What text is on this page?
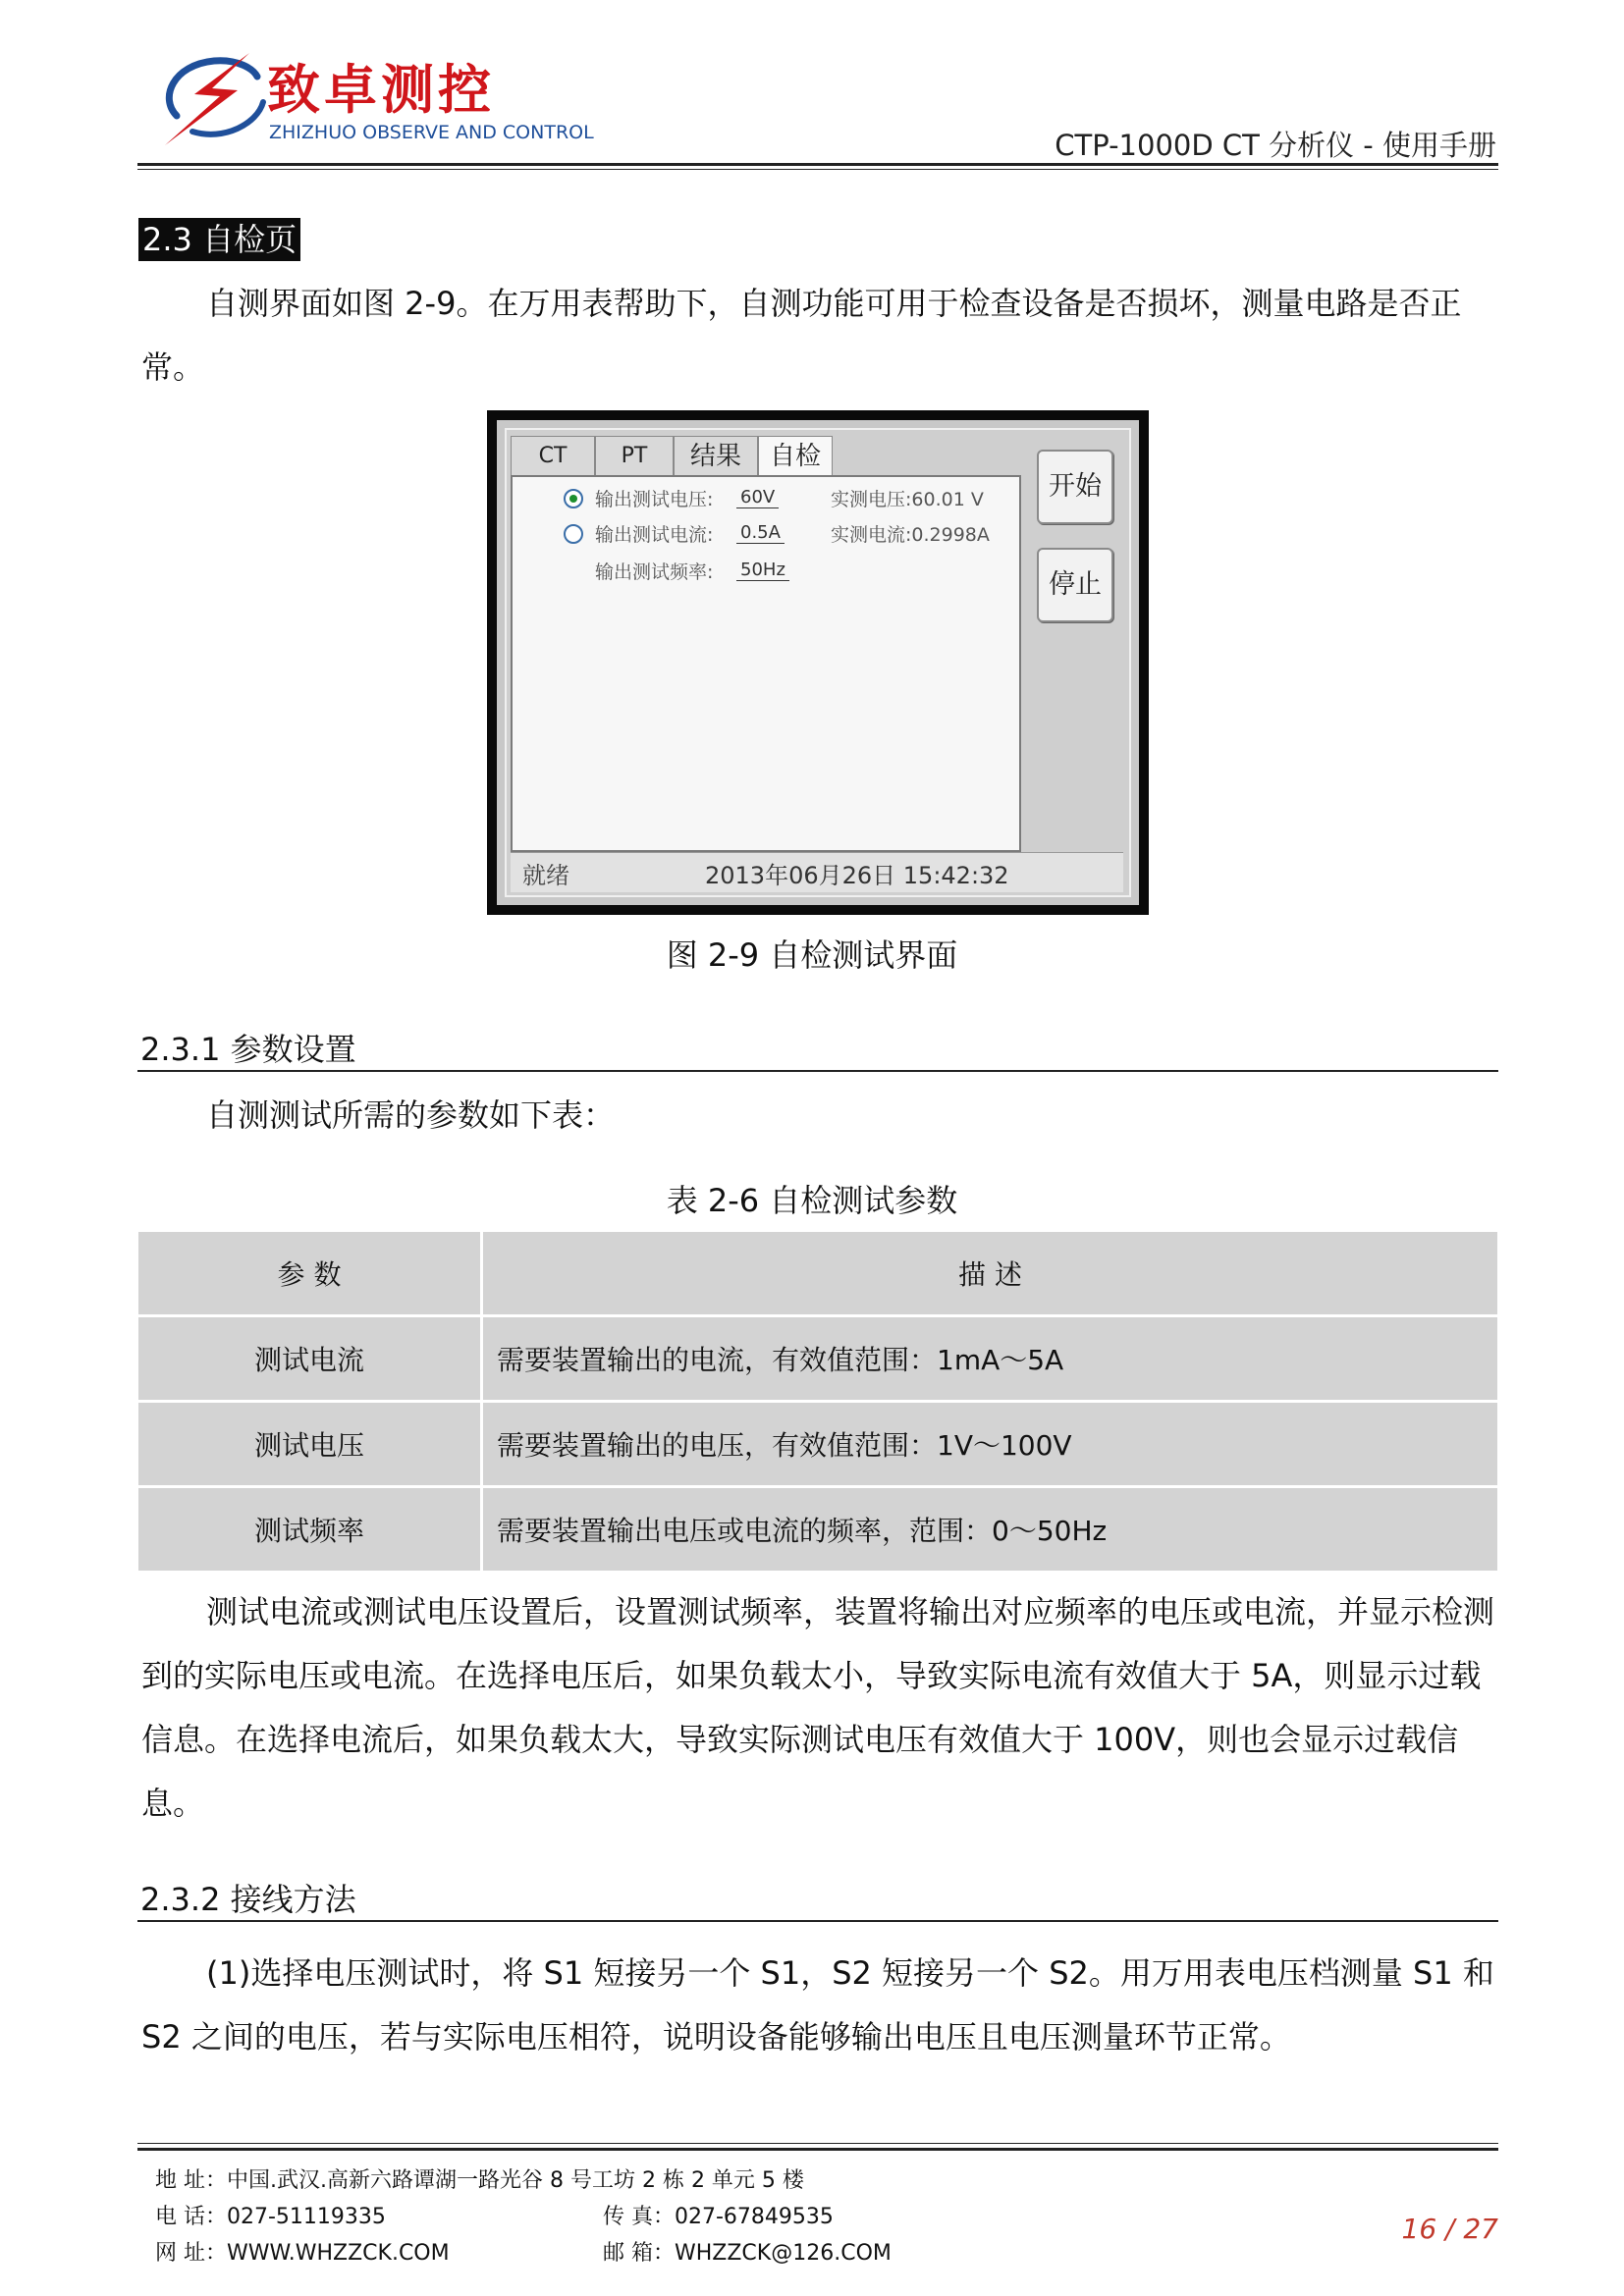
致卓测控
ZHIZHUO OBSERVE AND CONTROL	CTP-1000D CT 分析仪 - 使用手册
2.3 自检页
自测界面如图 2-9。在万用表帮助下，自测功能可用于检查设备是否损坏，测量电路是否正常。
CT	PT	结果	自检
输出测试电压: 60V	实测电压:60.01 V
输出测试电流: 0.5A	实测电流:0.2998A
输出测试频率: 50Hz
开始
停止
就绪	2013年06月26日 15:42:32
图 2-9 自检测试界面
2.3.1 参数设置
自测测试所需的参数如下表：
表 2-6 自检测试参数
参 数	描 述
测试电流	需要装置输出的电流，有效值范围：1mA～5A
测试电压	需要装置输出的电压，有效值范围：1V～100V
测试频率	需要装置输出电压或电流的频率，范围：0～50Hz
测试电流或测试电压设置后，设置测试频率，装置将输出对应频率的电压或电流，并显示检测到的实际电压或电流。在选择电压后，如果负载太小，导致实际电流有效值大于 5A，则显示过载信息。在选择电流后，如果负载太大，导致实际测试电压有效值大于 100V，则也会显示过载信息。
2.3.2 接线方法
(1)选择电压测试时，将 S1 短接另一个 S1，S2 短接另一个 S2。用万用表电压档测量 S1 和 S2 之间的电压，若与实际电压相符，说明设备能够输出电压且电压测量环节正常。
地 址：中国.武汉.高新六路谭湖一路光谷 8 号工坊 2 栋 2 单元 5 楼
电 话：027-51119335	传 真：027-67849535
网 址：WWW.WHZZCK.COM	邮 箱：WHZZCK@126.COM
16 / 27
